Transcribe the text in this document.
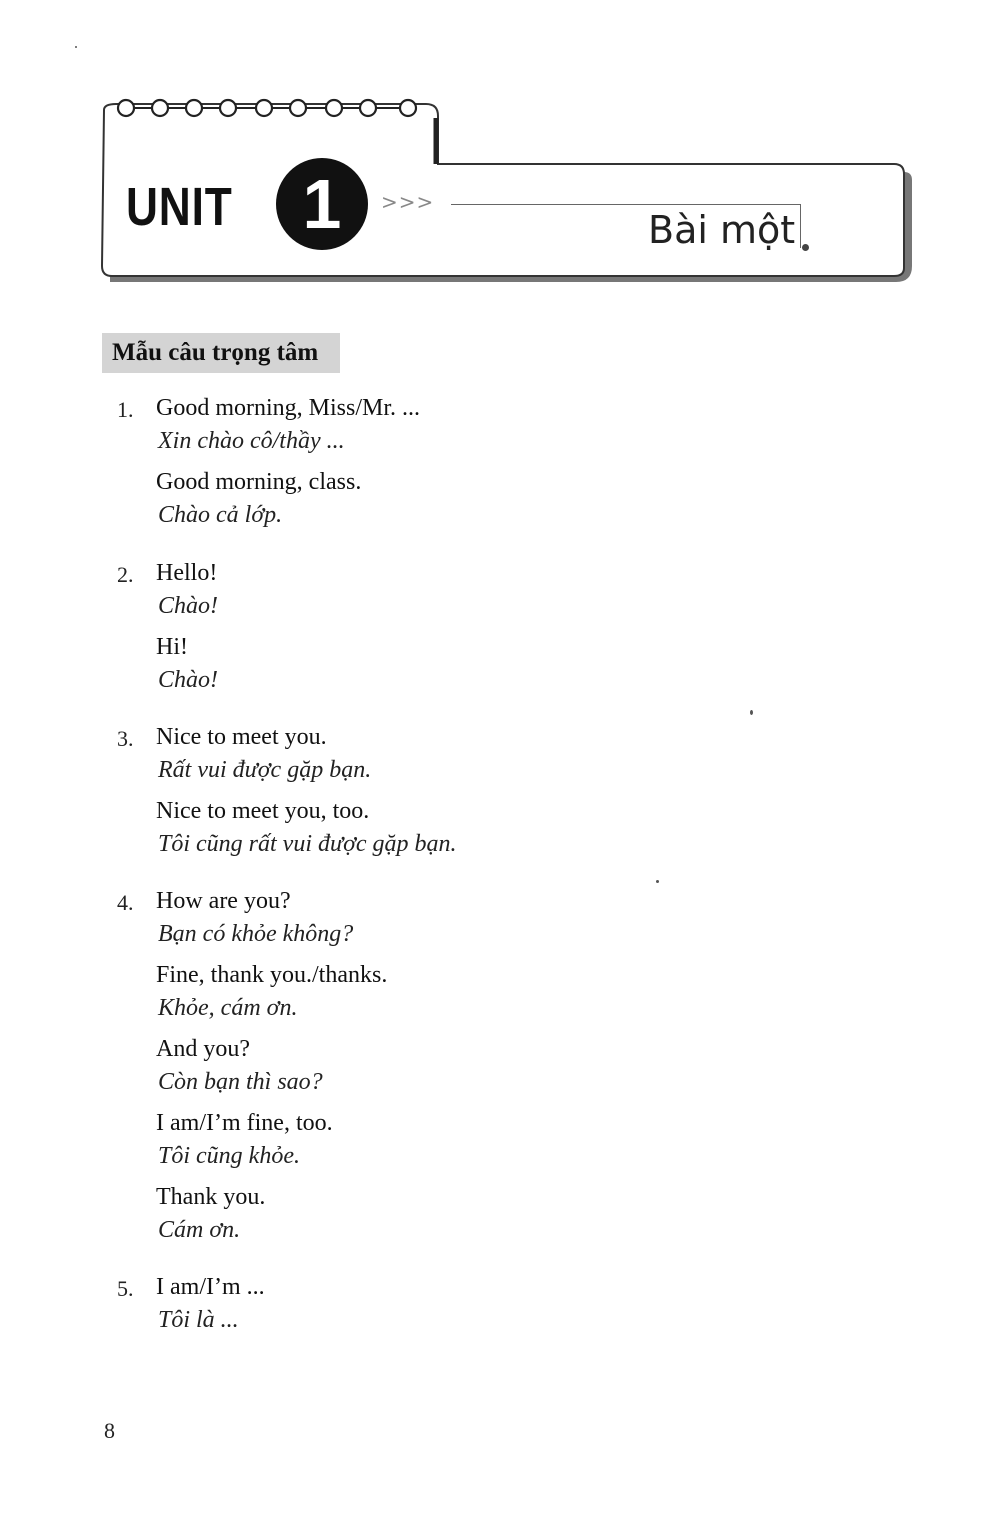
UNIT 1	>>>
Bài một
Mẫu câu trọng tâm
1. Good morning, Miss/Mr. ...
Xin chào cô/thầy ...
Good morning, class.
Chào cả lớp.
2. Hello!
Chào!
Hi!
Chào!
3. Nice to meet you.
Rất vui được gặp bạn.
Nice to meet you, too.
Tôi cũng rất vui được gặp bạn.
4. How are you?
Bạn có khỏe không?
Fine, thank you./thanks.
Khỏe, cám ơn.
And you?
Còn bạn thì sao?
I am/I’m fine, too.
Tôi cũng khỏe.
Thank you.
Cám ơn.
5. I am/I’m ...
Tôi là ...
8
